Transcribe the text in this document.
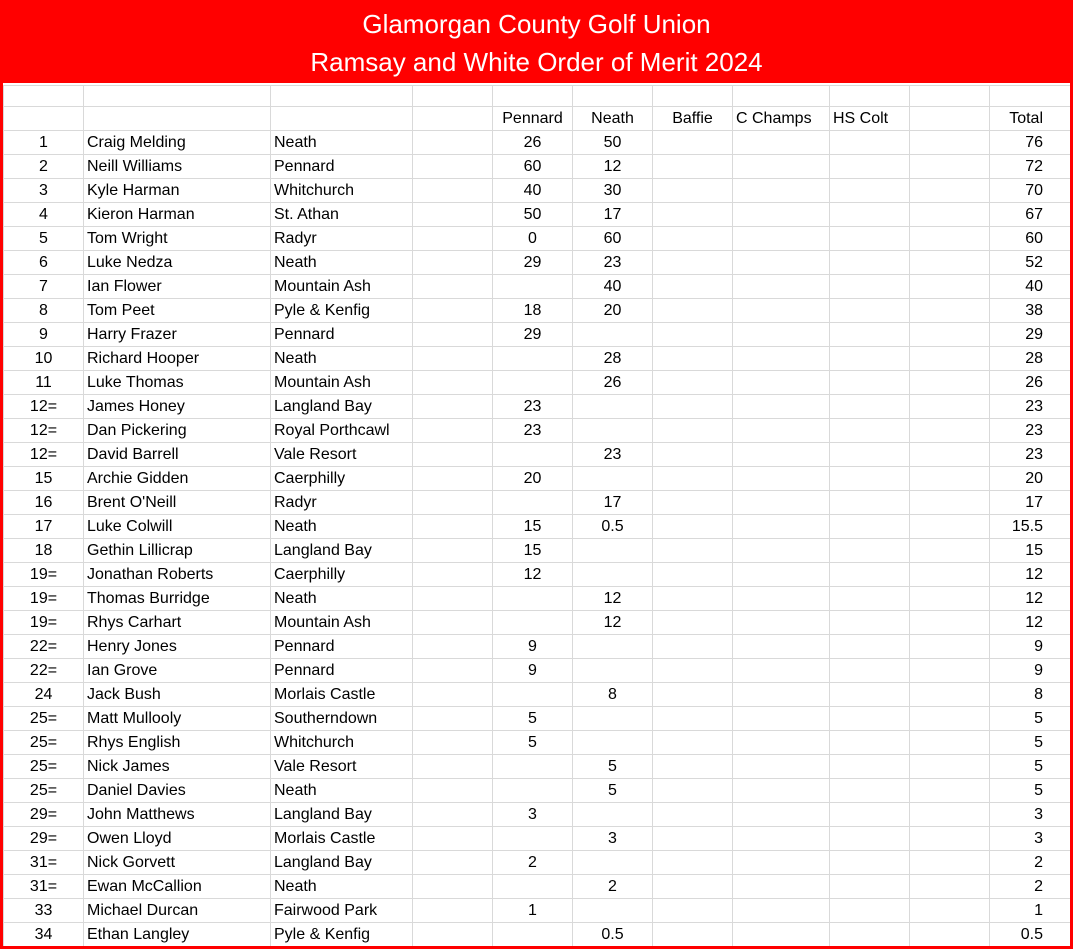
Glamorgan County Golf Union
Ramsay and White Order of Merit 2024

				Pennard	Neath	Baffie	C Champs	HS Colt		Total
1	Craig Melding	Neath		26	50					76
2	Neill Williams	Pennard		60	12					72
3	Kyle Harman	Whitchurch		40	30					70
4	Kieron Harman	St. Athan		50	17					67
5	Tom Wright	Radyr		0	60					60
6	Luke Nedza	Neath		29	23					52
7	Ian Flower	Mountain Ash			40					40
8	Tom Peet	Pyle & Kenfig		18	20					38
9	Harry Frazer	Pennard		29						29
10	Richard Hooper	Neath			28					28
11	Luke Thomas	Mountain Ash			26					26
12=	James Honey	Langland Bay		23						23
12=	Dan Pickering	Royal Porthcawl		23						23
12=	David Barrell	Vale Resort			23					23
15	Archie Gidden	Caerphilly		20						20
16	Brent O'Neill	Radyr			17					17
17	Luke Colwill	Neath		15	0.5					15.5
18	Gethin Lillicrap	Langland Bay		15						15
19=	Jonathan Roberts	Caerphilly		12						12
19=	Thomas Burridge	Neath			12					12
19=	Rhys Carhart	Mountain Ash			12					12
22=	Henry Jones	Pennard		9						9
22=	Ian Grove	Pennard		9						9
24	Jack Bush	Morlais Castle			8					8
25=	Matt Mullooly	Southerndown		5						5
25=	Rhys English	Whitchurch		5						5
25=	Nick James	Vale Resort			5					5
25=	Daniel Davies	Neath			5					5
29=	John Matthews	Langland Bay		3						3
29=	Owen Lloyd	Morlais Castle			3					3
31=	Nick Gorvett	Langland Bay		2						2
31=	Ewan McCallion	Neath			2					2
33	Michael Durcan	Fairwood Park		1						1
34	Ethan Langley	Pyle & Kenfig			0.5					0.5
